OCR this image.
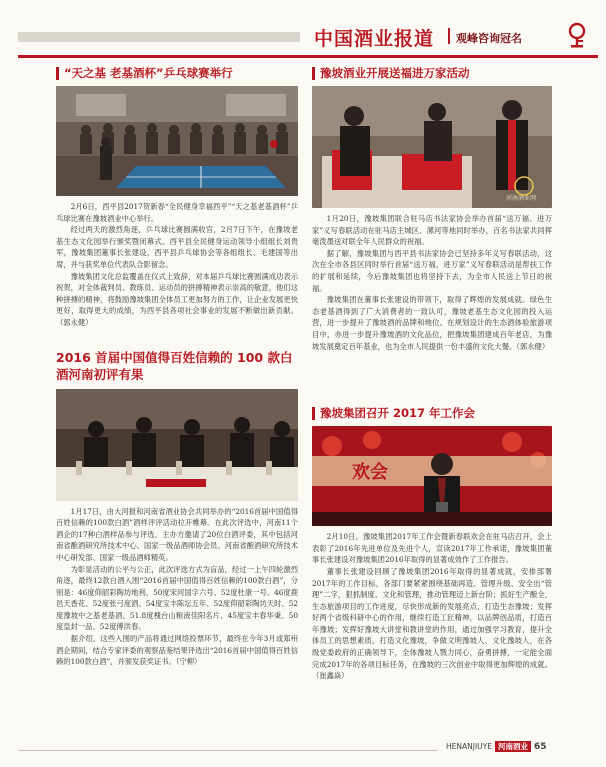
中国酒业报道 观峰咨询冠名
“天之基 老基酒杯”乒乓球赛举行

2月6日，西平县2017贺新春“全民健身幸福西平”“天之基老基酒杯”乒乓球比赛在豫坡酒业中心举行。

经过两天的激烈角逐，乒乓球比赛圆满收官，2月7日下午，在豫坡老基生态文化园举行颁奖暨闭幕式。西平县全民健身运动领导小组组长刘贵军，豫坡集团董事长张建设，西平县乒乓球协会等各组组长、毛建国等出席，并与获奖单位代表队合影留念。

豫坡集团文化总监覆盖在仪式上致辞，对本届乒乓球比赛圆满成功表示祝贺，对全体裁判员、教练员、运动员的拼搏精神表示崇高的敬意，他们这种拼搏的精神，将鼓励豫坡集团全体员工更加努力的工作，让企业发展更快更好，取得更大的成绩，为西平县各项社会事业的发展不断做出新贡献。（郭永健）

2016 首届中国值得百姓信赖的 100 款白酒河南初评有果

1月17日，由大河报和河南省酒业协会共同举办的“2016首届中国值得百姓信赖的100款白酒”酒样评评活动拉开帷幕。在此次评选中，河南11个酒企的17种白酒样品参与评选，主办方邀请了20位白酒评委，其中包括河南省酿酒研究所技术中心、国家一级品酒师协会员、河南省酿酒研究所技术中心研发部、国家一级品酒师精英。

为彰显活动的公平与公正，此次评选方式为盲品，经过一上午四轮激烈角逐，最终12款白酒入围“2016首届中国值得百姓信赖的100款白酒”，分别是：46度仰韶彩陶坊地利、50度宋河国字六号、52度杜康一号、46度鹿邑天香花、52度张弓度酒、54度宝丰陈坛五年、52度仰韶彩陶坊天时、52度豫坡中之基老基酒、51.8度槐台山粮液佳阳名片、45度宝丰春华秉、50度皇封一品、52度傅洪春。

据介绍，这些入围的产品将通过网络投票环节，最终在今年3月或郑州酒企期间，结合专家评委的观察品鉴结果评选出“2016首届中国值得百姓信赖的100款白酒”，并颁发获奖证书。（宁柳）

豫坡酒业开展送福进万家活动
河南酒业网

1月20日，豫坡集团联合驻马店书法家协会举办首届“送万福、进万家”义写春联活动在驻马店主城区、漯河等地同时举办，百名书法家共同挥毫泼墨送对联全年人民群众的祝福。

据了解，豫坡集团与西平县书法家协会已坚持多年义写春联活动，这次在全市各县区同时举行首届“送万福，进万家”义写春联活动是帮扶工作的扩展和延续，今后豫坡集团也将坚持下去，为全市人民送上节日的祝福。

豫坡集团在董事长张建设的带领下，取得了辉煌的发展成就。绿色生态老基酒得到了广大消费者的一致认可，豫坡老基生态文化园的投入运营，进一步提升了豫坡酒的品牌和地位。在规划设计的生态酒体验旅游项目中，亦进一步提升豫坡酒的文化品位，把豫坡集团建成百年老店，为豫坡发展奠定百年基业，也为全市人民提供一份丰盛的文化大餐。（郭永健）

豫坡集团召开 2017 年工作会
欢会

2月10日，豫坡集团2017年工作会暨新春联欢会在驻马店召开，会上表彰了2016年先进单位及先进个人，宣读2017年工作承诺，豫坡集团董事长张建设对豫坡集团2016年取得的显著成效作了工作报告。

董事长张建设回顾了豫坡集团2016年取得的显著成就，安排部署2017年的工作目标，各部门要紧紧围绕基础再造、管理升级、安全出“管理”二字，狠抓制度、文化和管理，推动管理迈上新台阶；抓好生产酿全，生态旅游项目的工作进度，尽快形成新的发展亮点，打造生态豫坡；发挥好两个省级科研中心的作用，继续打造工匠精神，以品牌创品质，打造百年豫坡；发挥好豫坡大讲堂和教讲堂的作用，通过加强学习教育，提升全体员工的思想素质，打造文化豫坡，争做文明豫坡人、文化豫坡人，在各级党委政府的正确领导下，全体豫坡人戮力同心，奋勇拼搏，一定能全面完成2017年的各项目标任务，在豫坡的三次创业中取得更加辉煌的成就。（崔鑫焱）

HENANJIUYE 河南酒业 65
